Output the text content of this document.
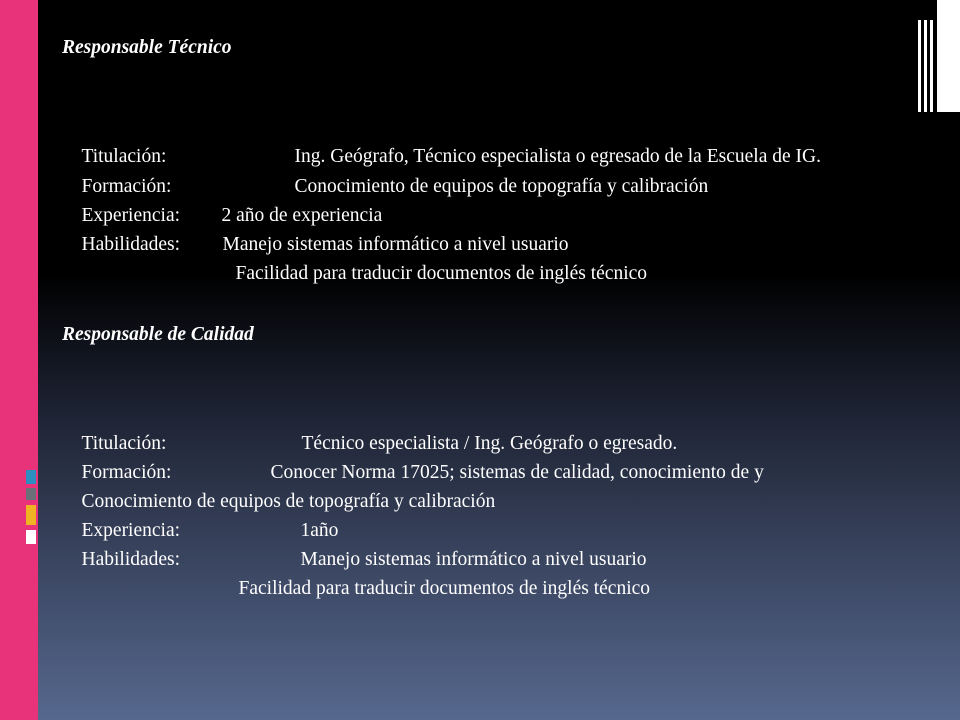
Responsable Técnico

Titulación:	Ing. Geógrafo, Técnico especialista o egresado de la Escuela de IG.

Formación:	Conocimiento de equipos de topografía y calibración

Experiencia: 2 año de experiencia

Habilidades: Manejo sistemas informático a nivel usuario

Facilidad para traducir documentos de inglés técnico

Responsable de Calidad

Titulación:	Técnico especialista / Ing. Geógrafo o egresado.

Formación:	Conocer Norma 17025; sistemas de calidad, conocimiento de y

Conocimiento de equipos de topografía y calibración

Experiencia:	1año

Habilidades:	Manejo sistemas informático a nivel usuario

Facilidad para traducir documentos de inglés técnico
